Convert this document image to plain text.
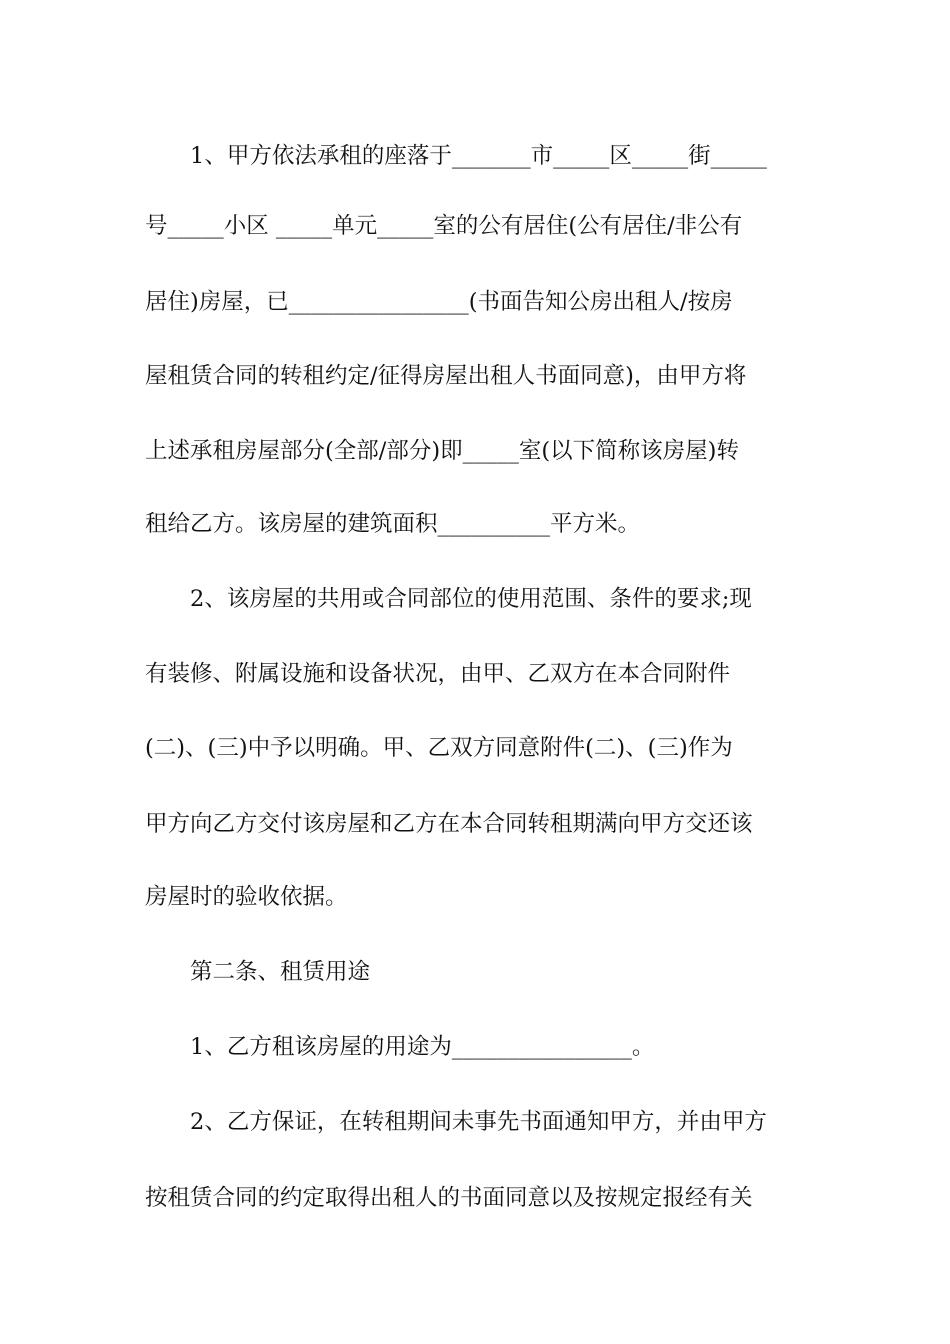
1、甲方依法承租的座落于_______市_____区_____街_____
号_____小区 _____单元_____室的公有居住(公有居住/非公有
居住)房屋，已________________(书面告知公房出租人/按房
屋租赁合同的转租约定/征得房屋出租人书面同意)，由甲方将
上述承租房屋部分(全部/部分)即_____室(以下简称该房屋)转
租给乙方。该房屋的建筑面积__________平方米。
2、该房屋的共用或合同部位的使用范围、条件的要求;现
有装修、附属设施和设备状况，由甲、乙双方在本合同附件
(二)、(三)中予以明确。甲、乙双方同意附件(二)、(三)作为
甲方向乙方交付该房屋和乙方在本合同转租期满向甲方交还该
房屋时的验收依据。
第二条、租赁用途
1、乙方租该房屋的用途为________________。
2、乙方保证，在转租期间未事先书面通知甲方，并由甲方
按租赁合同的约定取得出租人的书面同意以及按规定报经有关
